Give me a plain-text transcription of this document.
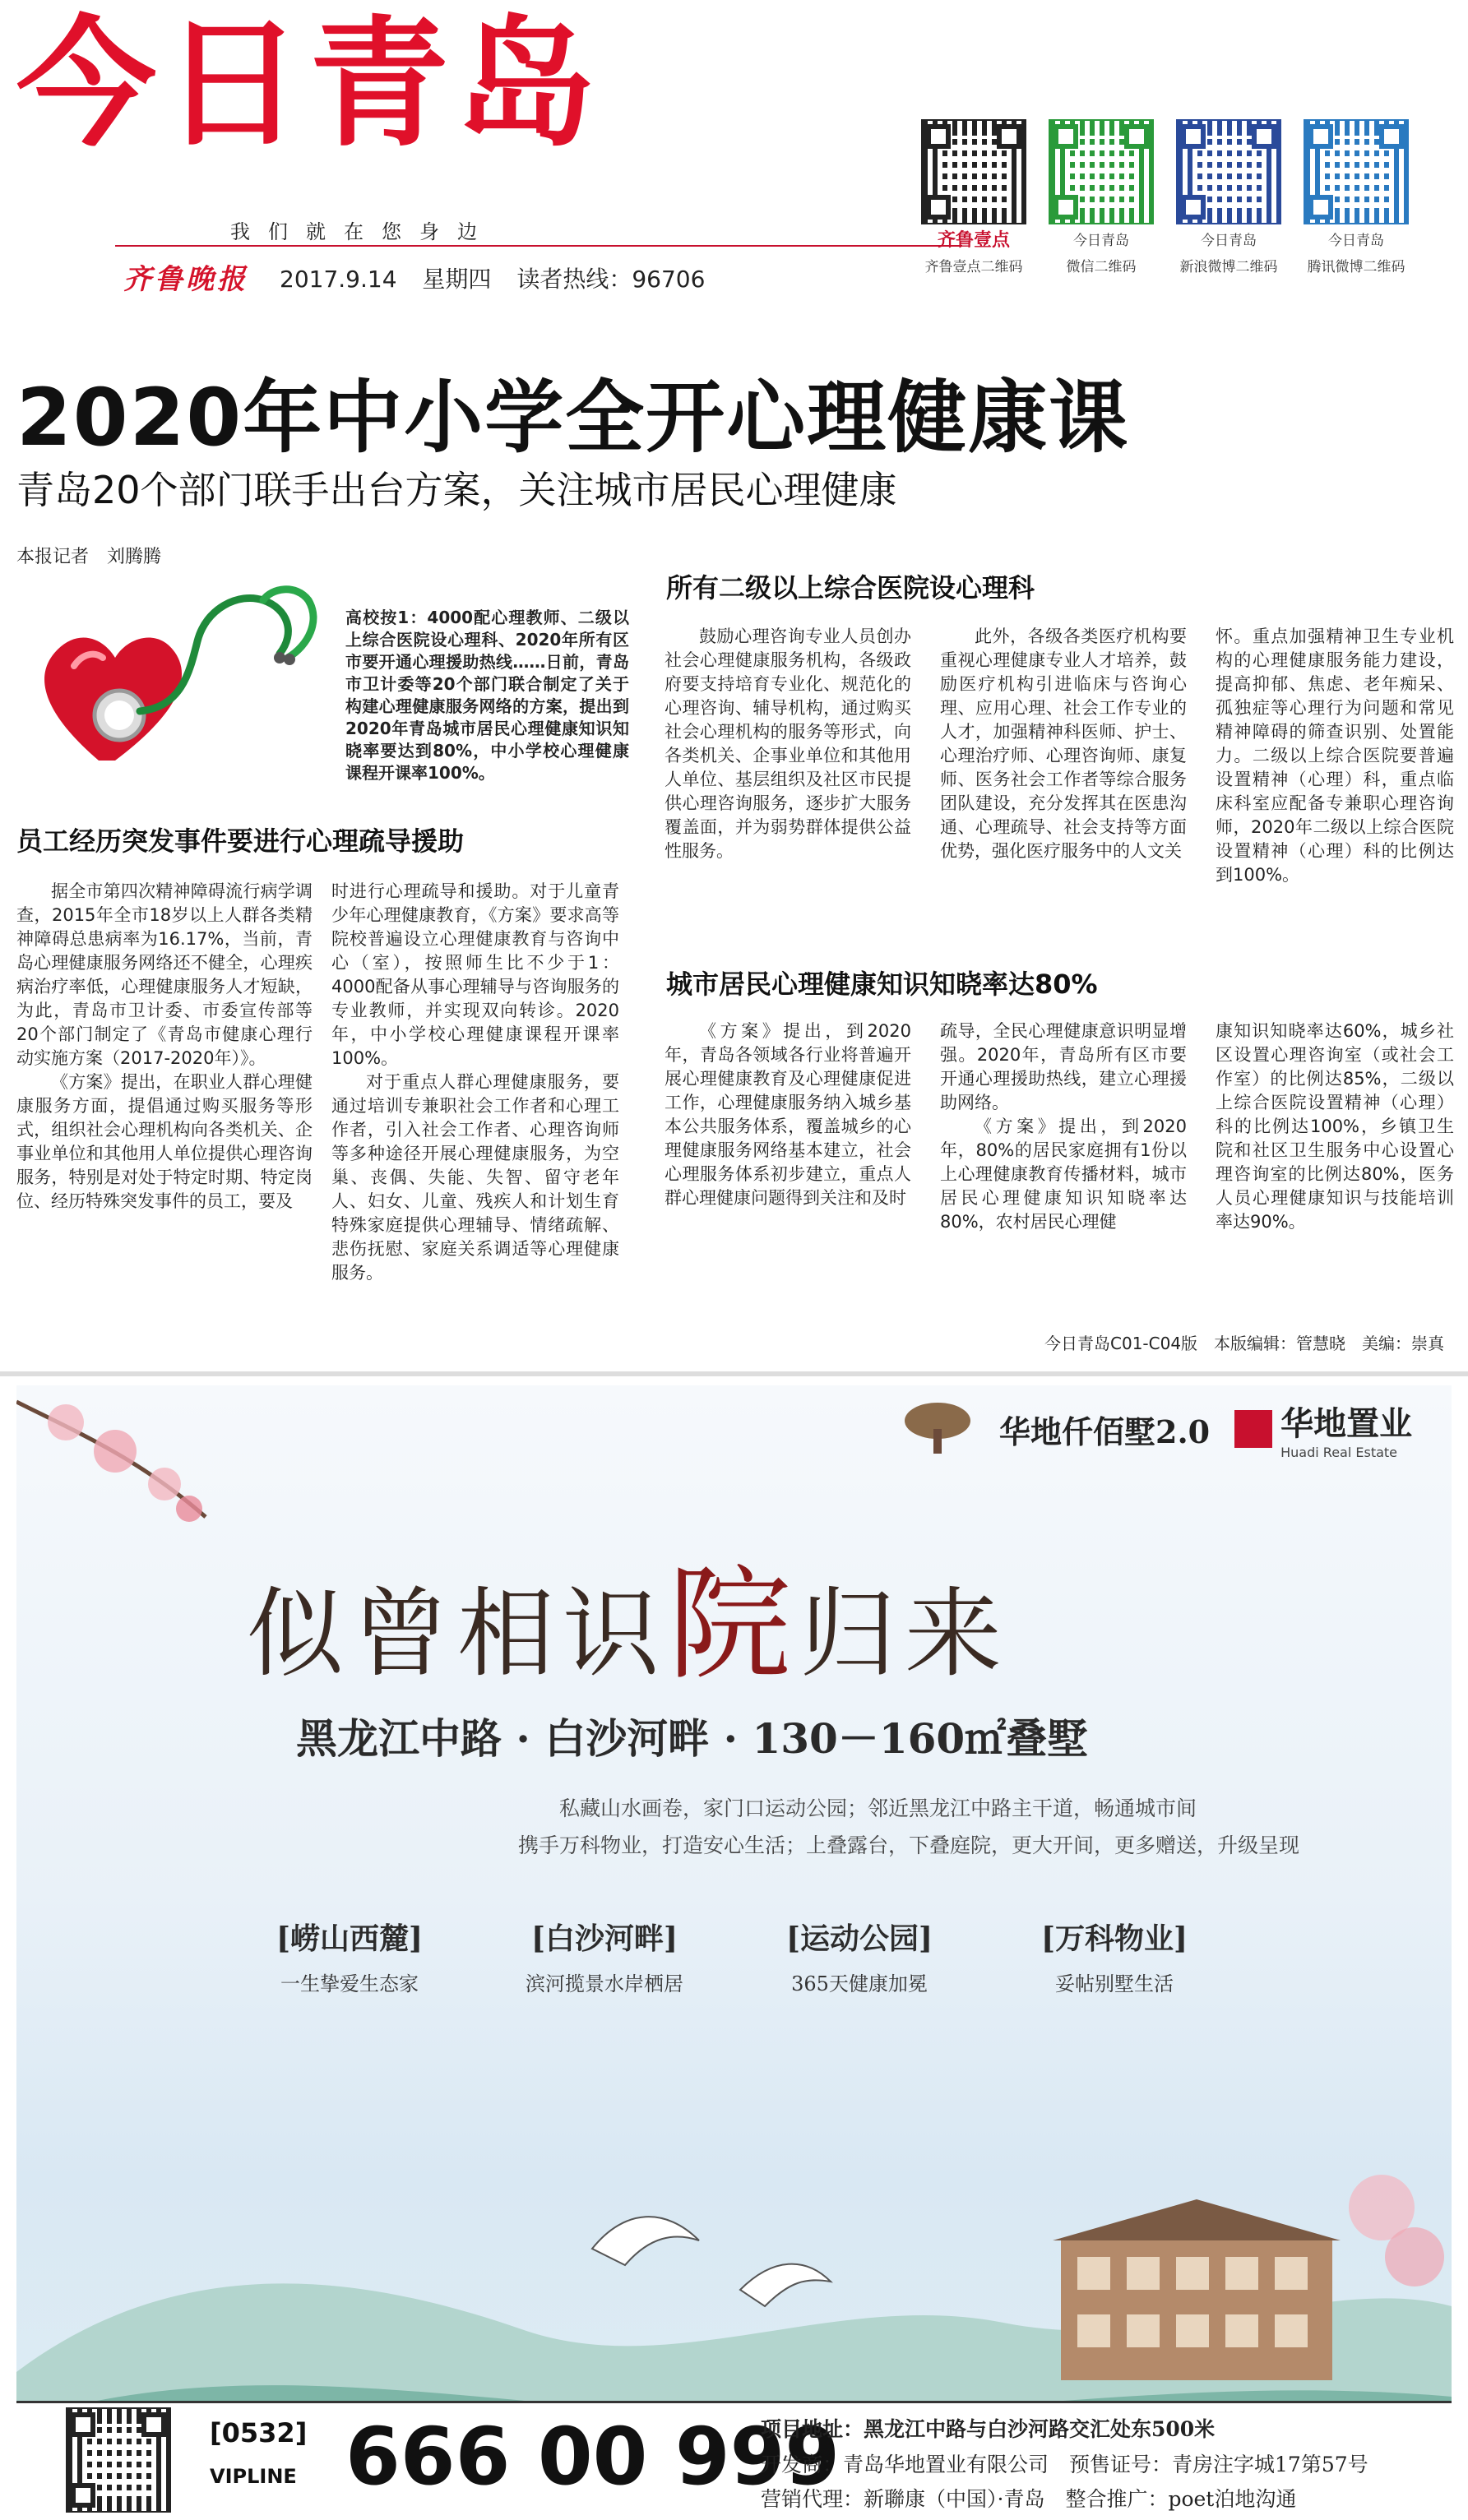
今日青岛
我们就在您身边
齐鲁晚报 2017.9.14 星期四 读者热线：96706
齐鲁壹点
齐鲁壹点二维码
今日青岛
微信二维码
今日青岛
新浪微博二维码
今日青岛
腾讯微博二维码
2020年中小学全开心理健康课
青岛20个部门联手出台方案，关注城市居民心理健康
本报记者　刘腾腾
高校按1：4000配心理教师、二级以上综合医院设心理科、2020年所有区市要开通心理援助热线……日前，青岛市卫计委等20个部门联合制定了关于构建心理健康服务网络的方案，提出到2020年青岛城市居民心理健康知识知晓率要达到80%，中小学校心理健康课程开课率100%。
员工经历突发事件要进行心理疏导援助

据全市第四次精神障碍流行病学调查，2015年全市18岁以上人群各类精神障碍总患病率为16.17%，当前，青岛心理健康服务网络还不健全，心理疾病治疗率低，心理健康服务人才短缺，为此，青岛市卫计委、市委宣传部等20个部门制定了《青岛市健康心理行动实施方案（2017-2020年）》。

《方案》提出，在职业人群心理健康服务方面，提倡通过购买服务等形式，组织社会心理机构向各类机关、企事业单位和其他用人单位提供心理咨询服务，特别是对处于特定时期、特定岗位、经历特殊突发事件的员工，要及

时进行心理疏导和援助。对于儿童青少年心理健康教育，《方案》要求高等院校普遍设立心理健康教育与咨询中心（室），按照师生比不少于1：4000配备从事心理辅导与咨询服务的专业教师，并实现双向转诊。2020年，中小学校心理健康课程开课率100%。

对于重点人群心理健康服务，要通过培训专兼职社会工作者和心理工作者，引入社会工作者、心理咨询师等多种途径开展心理健康服务，为空巢、丧偶、失能、失智、留守老年人、妇女、儿童、残疾人和计划生育特殊家庭提供心理辅导、情绪疏解、悲伤抚慰、家庭关系调适等心理健康服务。

所有二级以上综合医院设心理科

鼓励心理咨询专业人员创办社会心理健康服务机构，各级政府要支持培育专业化、规范化的心理咨询、辅导机构，通过购买社会心理机构的服务等形式，向各类机关、企事业单位和其他用人单位、基层组织及社区市民提供心理咨询服务，逐步扩大服务覆盖面，并为弱势群体提供公益性服务。

此外，各级各类医疗机构要重视心理健康专业人才培养，鼓励医疗机构引进临床与咨询心理、应用心理、社会工作专业的人才，加强精神科医师、护士、心理治疗师、心理咨询师、康复师、医务社会工作者等综合服务团队建设，充分发挥其在医患沟通、心理疏导、社会支持等方面优势，强化医疗服务中的人文关

怀。重点加强精神卫生专业机构的心理健康服务能力建设，提高抑郁、焦虑、老年痴呆、孤独症等心理行为问题和常见精神障碍的筛查识别、处置能力。二级以上综合医院要普遍设置精神（心理）科，重点临床科室应配备专兼职心理咨询师，2020年二级以上综合医院设置精神（心理）科的比例达到100%。

城市居民心理健康知识知晓率达80%

《方案》提出，到2020年，青岛各领域各行业将普遍开展心理健康教育及心理健康促进工作，心理健康服务纳入城乡基本公共服务体系，覆盖城乡的心理健康服务网络基本建立，社会心理服务体系初步建立，重点人群心理健康问题得到关注和及时

疏导，全民心理健康意识明显增强。2020年，青岛所有区市要开通心理援助热线，建立心理援助网络。

《方案》提出，到2020年，80%的居民家庭拥有1份以上心理健康教育传播材料，城市居民心理健康知识知晓率达80%，农村居民心理健

康知识知晓率达60%，城乡社区设置心理咨询室（或社会工作室）的比例达85%，二级以上综合医院设置精神（心理）科的比例达100%，乡镇卫生院和社区卫生服务中心设置心理咨询室的比例达80%，医务人员心理健康知识与技能培训率达90%。

今日青岛C01-C04版　本版编辑：管慧晓　美编：崇真
华地仟佰墅2.0 华地置业
Huadi Real Estate
似曾相识院归来
黑龙江中路 · 白沙河畔 · 130－160㎡叠墅
私藏山水画卷，家门口运动公园；邻近黑龙江中路主干道，畅通城市间
携手万科物业，打造安心生活；上叠露台，下叠庭院，更大开间，更多赠送，升级呈现
[崂山西麓]
一生挚爱生态家
[白沙河畔]
滨河揽景水岸栖居
[运动公园]
365天健康加冕
[万科物业]
妥帖别墅生活
[0532]
VIPLINE 666 00 999
项目地址：黑龙江中路与白沙河路交汇处东500米
开发商：青岛华地置业有限公司　预售证号：青房注字城17第57号
营销代理：新聯康（中国）·青岛　整合推广：poet泊地沟通
